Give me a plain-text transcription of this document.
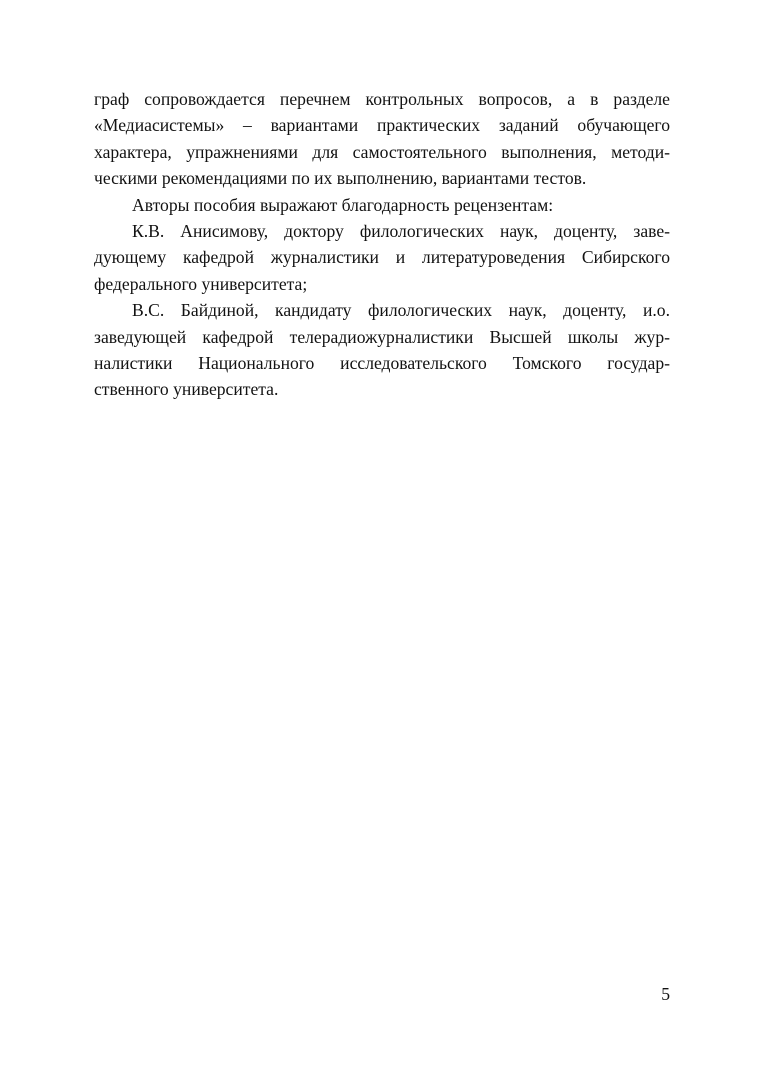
граф сопровождается перечнем контрольных вопросов, а в разделе
«Медиасистемы» – вариантами практических заданий обучающего
характера, упражнениями для самостоятельного выполнения, методи-
ческими рекомендациями по их выполнению, вариантами тестов.

Авторы пособия выражают благодарность рецензентам:

К.В. Анисимову, доктору филологических наук, доценту, заве-
дующему кафедрой журналистики и литературоведения Сибирского
федерального университета;

В.С. Байдиной, кандидату филологических наук, доценту, и.о.
заведующей кафедрой телерадиожурналистики Высшей школы жур-
налистики Национального исследовательского Томского государ-
ственного университета.

5
